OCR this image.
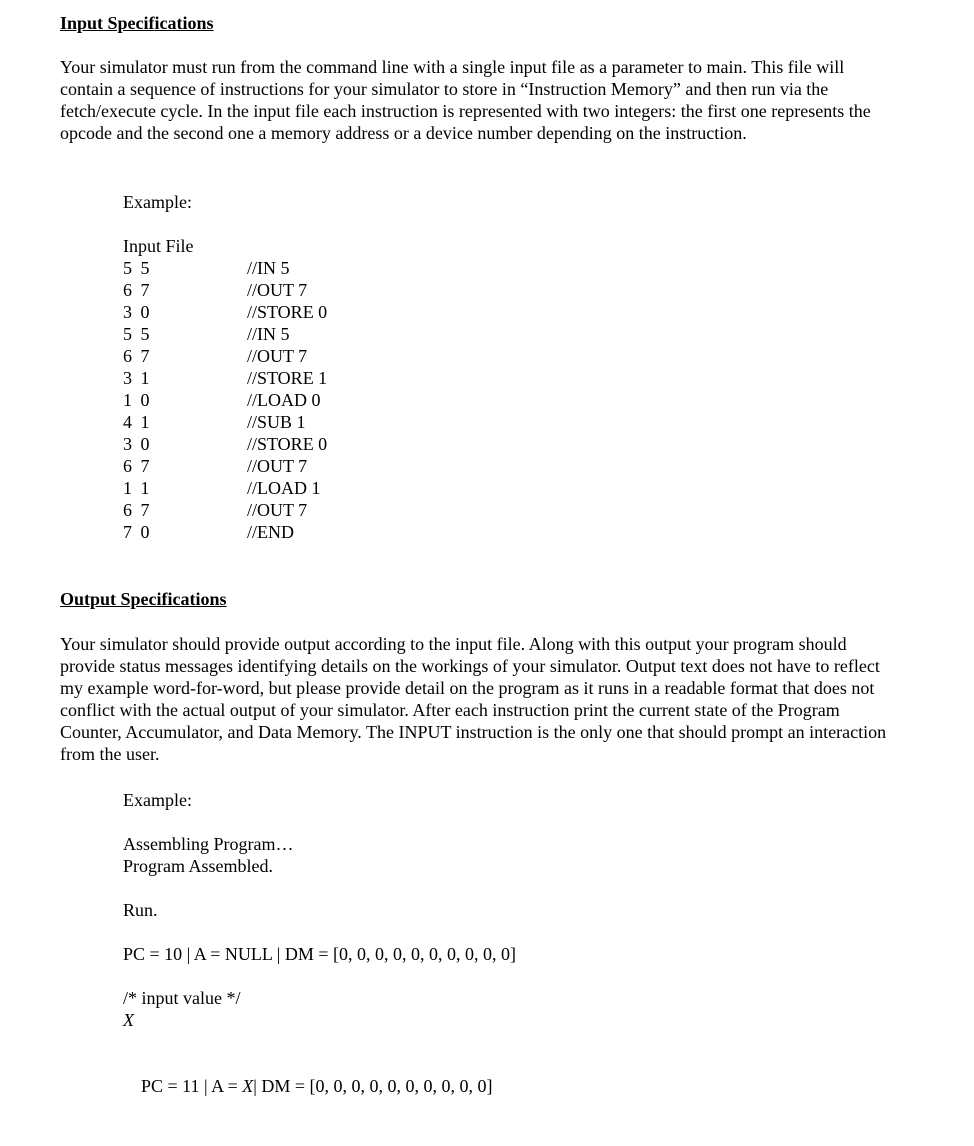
Input Specifications

Your simulator must run from the command line with a single input file as a parameter to main. This file will contain a sequence of instructions for your simulator to store in “Instruction Memory” and then run via the fetch/execute cycle. In the input file each instruction is represented with two integers: the first one represents the opcode and the second one a memory address or a device number depending on the instruction.

Example:
Input File
5 5	//IN 5
6 7	//OUT 7
3 0	//STORE 0
5 5	//IN 5
6 7	//OUT 7
3 1	//STORE 1
1 0	//LOAD 0
4 1	//SUB 1
3 0	//STORE 0
6 7	//OUT 7
1 1	//LOAD 1
6 7	//OUT 7
7 0	//END
Output Specifications

Your simulator should provide output according to the input file. Along with this output your program should provide status messages identifying details on the workings of your simulator. Output text does not have to reflect my example word-for-word, but please provide detail on the program as it runs in a readable format that does not conflict with the actual output of your simulator. After each instruction print the current state of the Program Counter, Accumulator, and Data Memory. The INPUT instruction is the only one that should prompt an interaction from the user.

Example:
Assembling Program…
Program Assembled.
Run.
PC = 10 | A = NULL | DM = [0, 0, 0, 0, 0, 0, 0, 0, 0, 0]
/* input value */
X

PC = 11 | A = X| DM = [0, 0, 0, 0, 0, 0, 0, 0, 0, 0]
